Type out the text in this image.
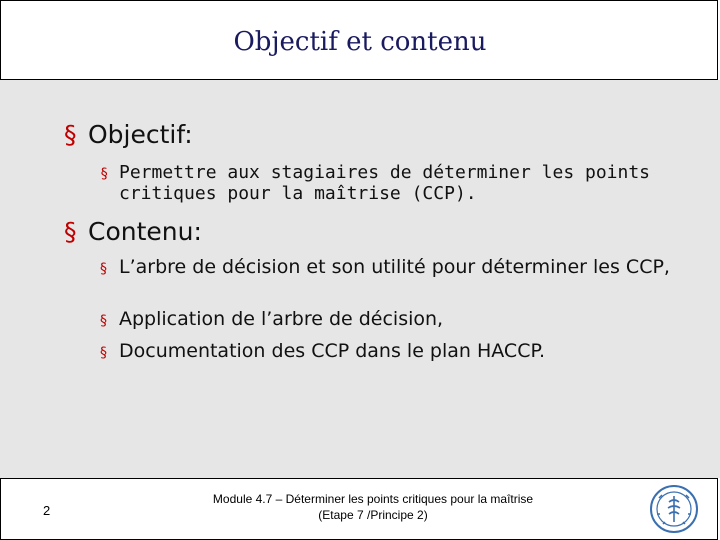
Objectif et contenu
§ Objectif:
§ Permettre aux stagiaires de déterminer les points critiques pour la maîtrise (CCP).
§ Contenu:
§ L’arbre de décision et son utilité pour déterminer les CCP,
§ Application de l’arbre de décision,
§ Documentation des CCP dans le plan HACCP.
2
Module 4.7 – Déterminer les points critiques pour la maîtrise
(Etape 7 /Principe 2)
